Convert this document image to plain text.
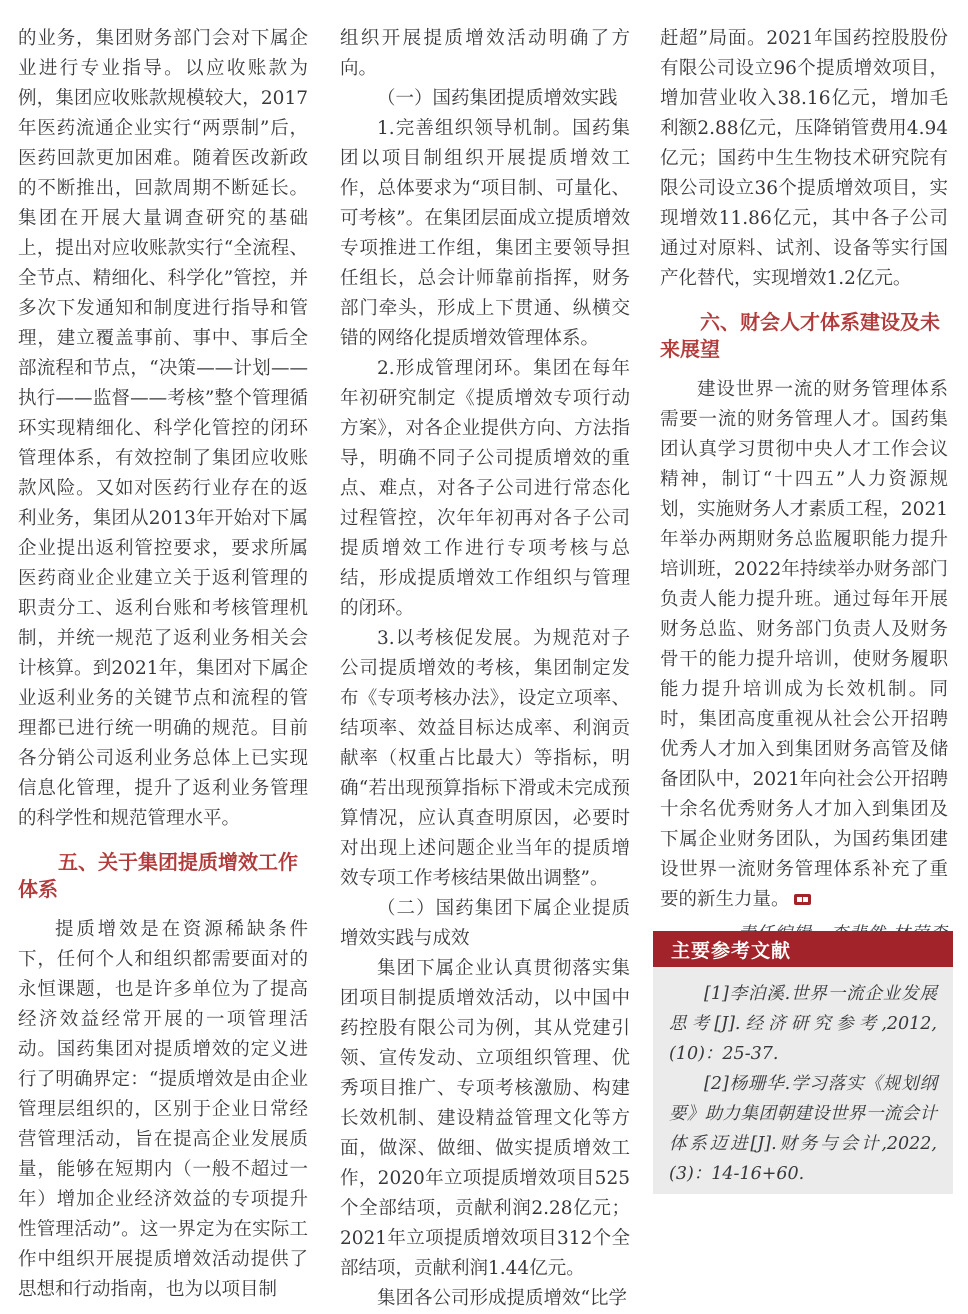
的业务，集团财务部门会对下属企业进行专业指导。以应收账款为例，集团应收账款规模较大，2017年医药流通企业实行“两票制”后，医药回款更加困难。随着医改新政的不断推出，回款周期不断延长。集团在开展大量调查研究的基础上，提出对应收账款实行“全流程、全节点、精细化、科学化”管控，并多次下发通知和制度进行指导和管理，建立覆盖事前、事中、事后全部流程和节点，“决策——计划——执行——监督——考核”整个管理循环实现精细化、科学化管控的闭环管理体系，有效控制了集团应收账款风险。又如对医药行业存在的返利业务，集团从2013年开始对下属企业提出返利管控要求，要求所属医药商业企业建立关于返利管理的职责分工、返利台账和考核管理机制，并统一规范了返利业务相关会计核算。到2021年，集团对下属企业返利业务的关键节点和流程的管理都已进行统一明确的规范。目前各分销公司返利业务总体上已实现信息化管理，提升了返利业务管理的科学性和规范管理水平。

五、关于集团提质增效工作体系

提质增效是在资源稀缺条件下，任何个人和组织都需要面对的永恒课题，也是许多单位为了提高经济效益经常开展的一项管理活动。国药集团对提质增效的定义进行了明确界定：“提质增效是由企业管理层组织的，区别于企业日常经营管理活动，旨在提高企业发展质量，能够在短期内（一般不超过一年）增加企业经济效益的专项提升性管理活动”。这一界定为在实际工作中组织开展提质增效活动提供了思想和行动指南，也为以项目制

组织开展提质增效活动明确了方向。

（一）国药集团提质增效实践

1.完善组织领导机制。国药集团以项目制组织开展提质增效工作，总体要求为“项目制、可量化、可考核”。在集团层面成立提质增效专项推进工作组，集团主要领导担任组长，总会计师靠前指挥，财务部门牵头，形成上下贯通、纵横交错的网络化提质增效管理体系。

2.形成管理闭环。集团在每年年初研究制定《提质增效专项行动方案》，对各企业提供方向、方法指导，明确不同子公司提质增效的重点、难点，对各子公司进行常态化过程管控，次年年初再对各子公司提质增效工作进行专项考核与总结，形成提质增效工作组织与管理的闭环。

3.以考核促发展。为规范对子公司提质增效的考核，集团制定发布《专项考核办法》，设定立项率、结项率、效益目标达成率、利润贡献率（权重占比最大）等指标，明确“若出现预算指标下滑或未完成预算情况，应认真查明原因，必要时对出现上述问题企业当年的提质增效专项工作考核结果做出调整”。

（二）国药集团下属企业提质增效实践与成效

集团下属企业认真贯彻落实集团项目制提质增效活动，以中国中药控股有限公司为例，其从党建引领、宣传发动、立项组织管理、优秀项目推广、专项考核激励、构建长效机制、建设精益管理文化等方面，做深、做细、做实提质增效工作，2020年立项提质增效项目525个全部结项，贡献利润2.28亿元；2021年立项提质增效项目312个全部结项，贡献利润1.44亿元。

集团各公司形成提质增效“比学

赶超”局面。2021年国药控股股份有限公司设立96个提质增效项目，增加营业收入38.16亿元，增加毛利额2.88亿元，压降销管费用4.94亿元；国药中生生物技术研究院有限公司设立36个提质增效项目，实现增效11.86亿元，其中各子公司通过对原料、试剂、设备等实行国产化替代，实现增效1.2亿元。

六、财会人才体系建设及未来展望

建设世界一流的财务管理体系需要一流的财务管理人才。国药集团认真学习贯彻中央人才工作会议精神，制订“十四五”人力资源规划，实施财务人才素质工程，2021年举办两期财务总监履职能力提升培训班，2022年持续举办财务部门负责人能力提升班。通过每年开展财务总监、财务部门负责人及财务骨干的能力提升培训，使财务履职能力提升培训成为长效机制。同时，集团高度重视从社会公开招聘优秀人才加入到集团财务高管及储备团队中，2021年向社会公开招聘十余名优秀财务人才加入到集团及下属企业财务团队，为国药集团建设世界一流财务管理体系补充了重要的新生力量。

主要参考文献

[1]李泊溪.世界一流企业发展思考[J].经济研究参考,2012,(10)：25-37.

[2]杨珊华.学习落实《规划纲要》助力集团朝建设世界一流会计体系迈进[J].财务与会计,2022,(3)：14-16+60.
